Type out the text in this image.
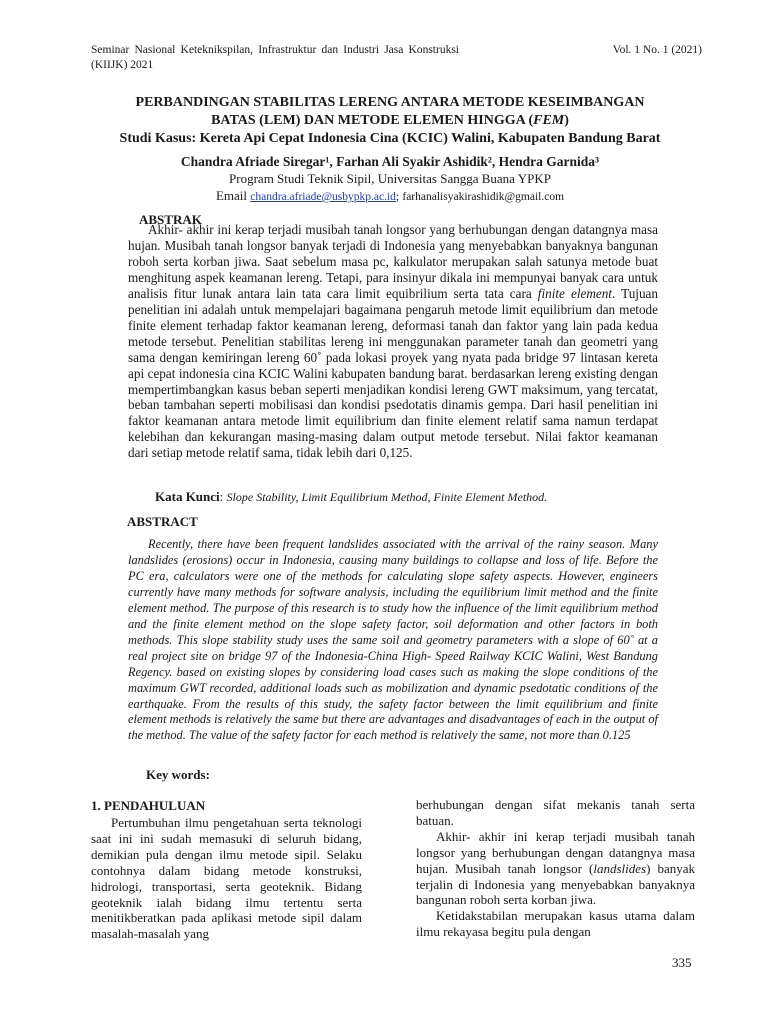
Seminar Nasional Keteknikspilan, Infrastruktur dan Industri Jasa Konstruksi (KIIJK) 2021
Vol. 1 No. 1 (2021)
PERBANDINGAN STABILITAS LERENG ANTARA METODE KESEIMBANGAN
BATAS (LEM) DAN METODE ELEMEN HINGGA (FEM)
Studi Kasus: Kereta Api Cepat Indonesia Cina (KCIC) Walini, Kabupaten Bandung Barat
Chandra Afriade Siregar¹, Farhan Ali Syakir Ashidik², Hendra Garnida³
Program Studi Teknik Sipil, Universitas Sangga Buana YPKP
Email chandra.afriade@usbypkp.ac.id; farhanalisyakirashidik@gmail.com
ABSTRAK
Akhir- akhir ini kerap terjadi musibah tanah longsor yang berhubungan dengan datangnya masa hujan. Musibah tanah longsor banyak terjadi di Indonesia yang menyebabkan banyaknya bangunan roboh serta korban jiwa. Saat sebelum masa pc, kalkulator merupakan salah satunya metode buat menghitung aspek keamanan lereng. Tetapi, para insinyur dikala ini mempunyai banyak cara untuk analisis fitur lunak antara lain tata cara limit equibrilium serta tata cara finite element. Tujuan penelitian ini adalah untuk mempelajari bagaimana pengaruh metode limit equilibrium dan metode finite element terhadap faktor keamanan lereng, deformasi tanah dan faktor yang lain pada kedua metode tersebut. Penelitian stabilitas lereng ini menggunakan parameter tanah dan geometri yang sama dengan kemiringan lereng 60˚ pada lokasi proyek yang nyata pada bridge 97 lintasan kereta api cepat indonesia cina KCIC Walini kabupaten bandung barat. berdasarkan lereng existing dengan mempertimbangkan kasus beban seperti menjadikan kondisi lereng GWT maksimum, yang tercatat, beban tambahan seperti mobilisasi dan kondisi psedotatis dinamis gempa. Dari hasil penelitian ini faktor keamanan antara metode limit equilibrium dan finite element relatif sama namun terdapat kelebihan dan kekurangan masing-masing dalam output metode tersebut. Nilai faktor keamanan dari setiap metode relatif sama, tidak lebih dari 0,125.
Kata Kunci: Slope Stability, Limit Equilibrium Method, Finite Element Method.
ABSTRACT
Recently, there have been frequent landslides associated with the arrival of the rainy season. Many landslides (erosions) occur in Indonesia, causing many buildings to collapse and loss of life. Before the PC era, calculators were one of the methods for calculating slope safety aspects. However, engineers currently have many methods for software analysis, including the equilibrium limit method and the finite element method. The purpose of this research is to study how the influence of the limit equilibrium method and the finite element method on the slope safety factor, soil deformation and other factors in both methods. This slope stability study uses the same soil and geometry parameters with a slope of 60˚ at a real project site on bridge 97 of the Indonesia-China High- Speed Railway KCIC Walini, West Bandung Regency. based on existing slopes by considering load cases such as making the slope conditions of the maximum GWT recorded, additional loads such as mobilization and dynamic psedotatic conditions of the earthquake. From the results of this study, the safety factor between the limit equilibrium and finite element methods is relatively the same but there are advantages and disadvantages of each in the output of the method. The value of the safety factor for each method is relatively the same, not more than 0.125
Key words:
1. PENDAHULUAN

Pertumbuhan ilmu pengetahuan serta teknologi saat ini ini sudah memasuki di seluruh bidang, demikian pula dengan ilmu metode sipil. Selaku contohnya dalam bidang metode konstruksi, hidrologi, transportasi, serta geoteknik. Bidang geoteknik ialah bidang ilmu tertentu serta menitikberatkan pada aplikasi metode sipil dalam masalah-masalah yang

berhubungan dengan sifat mekanis tanah serta batuan.

Akhir- akhir ini kerap terjadi musibah tanah longsor yang berhubungan dengan datangnya masa hujan. Musibah tanah longsor (landslides) banyak terjalin di Indonesia yang menyebabkan banyaknya bangunan roboh serta korban jiwa.

Ketidakstabilan merupakan kasus utama dalam ilmu rekayasa begitu pula dengan

335
